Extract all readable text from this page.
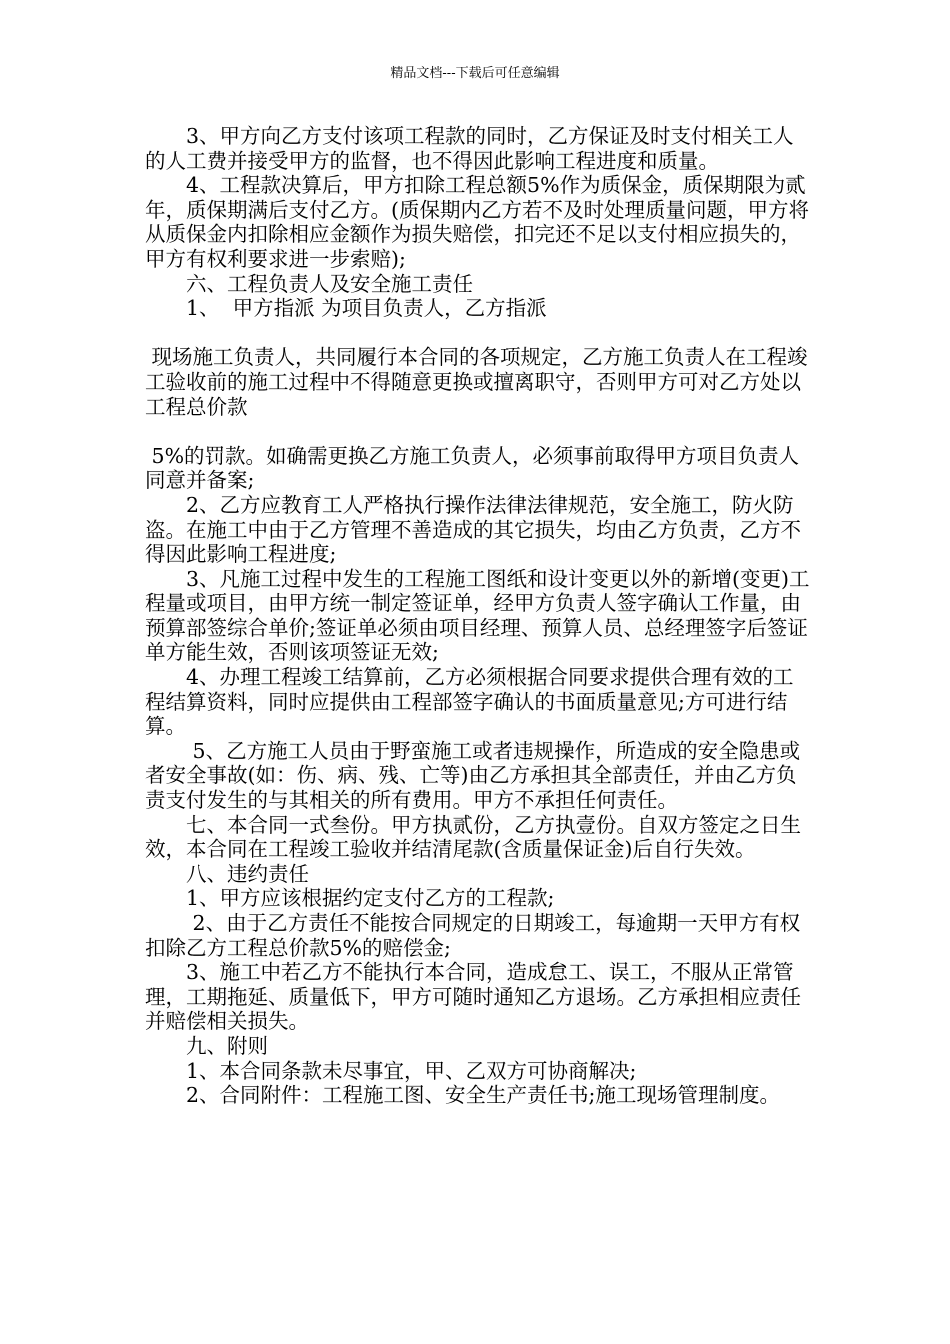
精品文档---下载后可任意编辑

3、甲方向乙方支付该项工程款的同时，乙方保证及时支付相关工人的人工费并接受甲方的监督，也不得因此影响工程进度和质量。

4、工程款决算后，甲方扣除工程总额5%作为质保金，质保期限为贰年，质保期满后支付乙方。(质保期内乙方若不及时处理质量问题，甲方将从质保金内扣除相应金额作为损失赔偿，扣完还不足以支付相应损失的，甲方有权利要求进一步索赔);

六、工程负责人及安全施工责任

1、  甲方指派 为项目负责人，乙方指派

现场施工负责人，共同履行本合同的各项规定，乙方施工负责人在工程竣工验收前的施工过程中不得随意更换或擅离职守，否则甲方可对乙方处以工程总价款

5%的罚款。如确需更换乙方施工负责人，必须事前取得甲方项目负责人同意并备案;

2、乙方应教育工人严格执行操作法律法律规范，安全施工，防火防盗。在施工中由于乙方管理不善造成的其它损失，均由乙方负责，乙方不得因此影响工程进度;

3、凡施工过程中发生的工程施工图纸和设计变更以外的新增(变更)工程量或项目，由甲方统一制定签证单，经甲方负责人签字确认工作量，由预算部签综合单价;签证单必须由项目经理、预算人员、总经理签字后签证单方能生效，否则该项签证无效;

4、办理工程竣工结算前，乙方必须根据合同要求提供合理有效的工程结算资料，同时应提供由工程部签字确认的书面质量意见;方可进行结算。

5、乙方施工人员由于野蛮施工或者违规操作，所造成的安全隐患或者安全事故(如：伤、病、残、亡等)由乙方承担其全部责任，并由乙方负责支付发生的与其相关的所有费用。甲方不承担任何责任。

七、本合同一式叁份。甲方执贰份，乙方执壹份。自双方签定之日生效，本合同在工程竣工验收并结清尾款(含质量保证金)后自行失效。

八、违约责任

1、甲方应该根据约定支付乙方的工程款;

2、由于乙方责任不能按合同规定的日期竣工，每逾期一天甲方有权扣除乙方工程总价款5%的赔偿金;

3、施工中若乙方不能执行本合同，造成怠工、误工，不服从正常管理，工期拖延、质量低下，甲方可随时通知乙方退场。乙方承担相应责任并赔偿相关损失。

九、附则

1、本合同条款未尽事宜，甲、乙双方可协商解决;

2、合同附件：工程施工图、安全生产责任书;施工现场管理制度。
